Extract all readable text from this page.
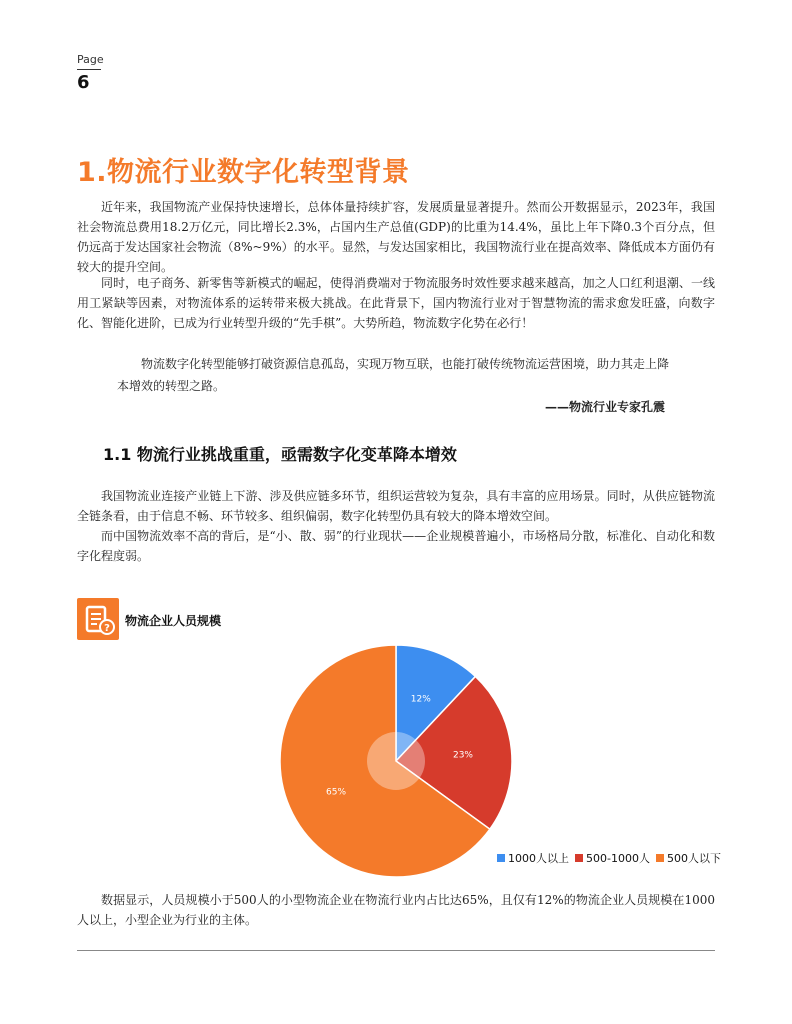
Page
6
1.物流行业数字化转型背景

近年来，我国物流产业保持快速增长，总体体量持续扩容，发展质量显著提升。然而公开数据显示，2023年，我国社会物流总费用18.2万亿元，同比增长2.3%，占国内生产总值(GDP)的比重为14.4%，虽比上年下降0.3个百分点，但仍远高于发达国家社会物流（8%~9%）的水平。显然，与发达国家相比，我国物流行业在提高效率、降低成本方面仍有较大的提升空间。

同时，电子商务、新零售等新模式的崛起，使得消费端对于物流服务时效性要求越来越高，加之人口红利退潮、一线用工紧缺等因素，对物流体系的运转带来极大挑战。在此背景下，国内物流行业对于智慧物流的需求愈发旺盛，向数字化、智能化进阶，已成为行业转型升级的“先手棋”。大势所趋，物流数字化势在必行！

物流数字化转型能够打破资源信息孤岛，实现万物互联，也能打破传统物流运营困境，助力其走上降本增效的转型之路。

——物流行业专家孔震
1.1 物流行业挑战重重，亟需数字化变革降本增效

我国物流业连接产业链上下游、涉及供应链多环节，组织运营较为复杂，具有丰富的应用场景。同时，从供应链物流全链条看，由于信息不畅、环节较多、组织偏弱，数字化转型仍具有较大的降本增效空间。

而中国物流效率不高的背后，是“小、散、弱”的行业现状——企业规模普遍小，市场格局分散，标准化、自动化和数字化程度弱。

?
物流企业人员规模
12%
23%
65%
1000人以上 500-1000人 500人以下

数据显示，人员规模小于500人的小型物流企业在物流行业内占比达65%，且仅有12%的物流企业人员规模在1000人以上，小型企业为行业的主体。
